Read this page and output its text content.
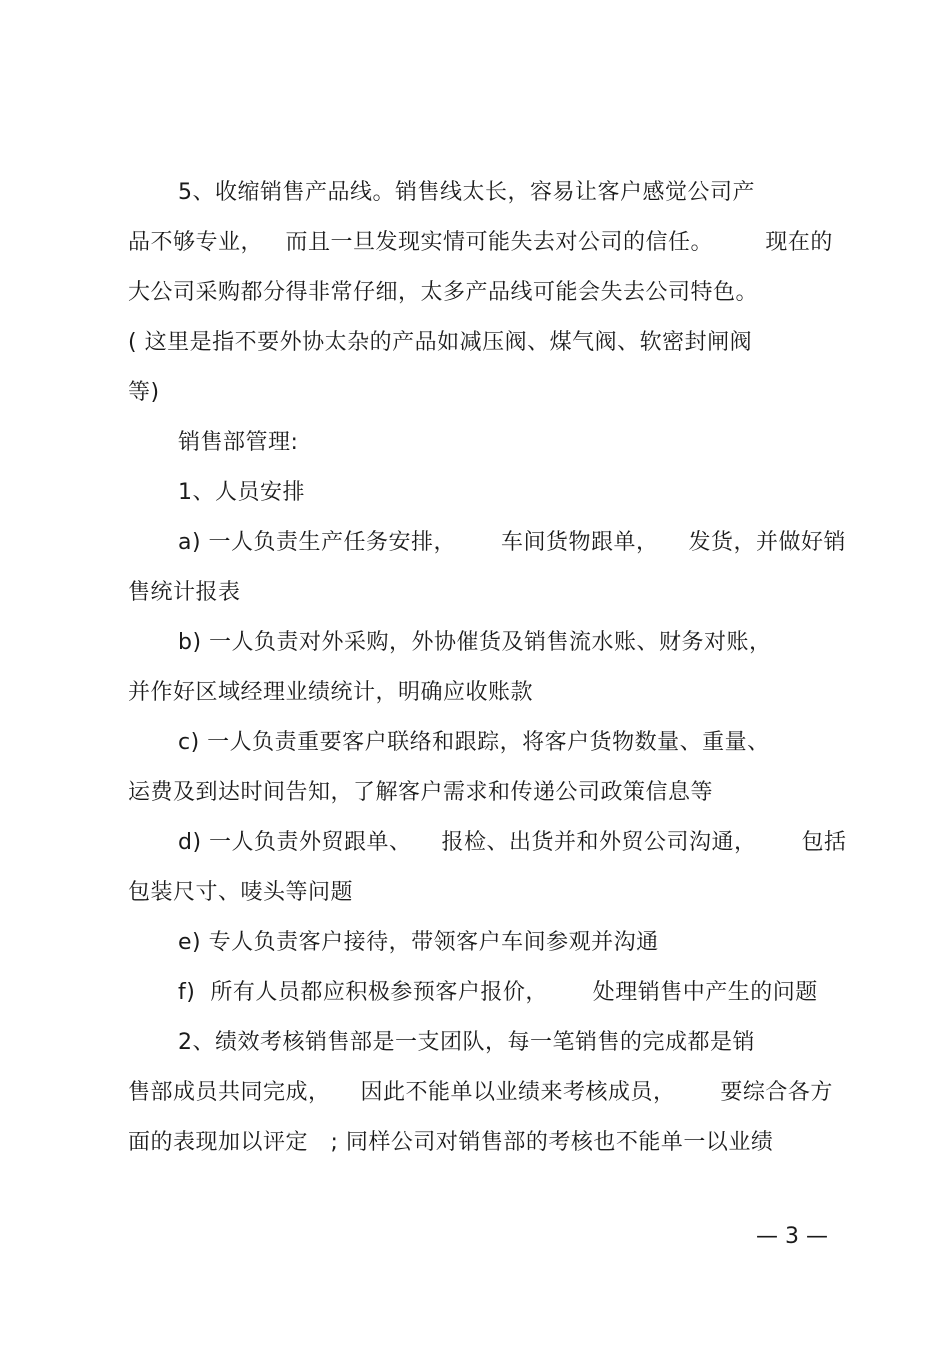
5、收缩销售产品线。销售线太长，容易让客户感觉公司产
品不够专业，   而且一旦发现实情可能失去对公司的信任。       现在的
大公司采购都分得非常仔细，太多产品线可能会失去公司特色。
( 这里是指不要外协太杂的产品如减压阀、煤气阀、软密封闸阀
等)
销售部管理:
1、人员安排
a) 一人负责生产任务安排，      车间货物跟单，    发货，并做好销
售统计报表
b) 一人负责对外采购，外协催货及销售流水账、财务对账，
并作好区域经理业绩统计，明确应收账款
c) 一人负责重要客户联络和跟踪，将客户货物数量、重量、
运费及到达时间告知，了解客户需求和传递公司政策信息等
d) 一人负责外贸跟单、    报检、出货并和外贸公司沟通，      包括
包装尺寸、唛头等问题
e) 专人负责客户接待，带领客户车间参观并沟通
f)  所有人员都应积极参预客户报价，      处理销售中产生的问题
2、绩效考核销售部是一支团队，每一笔销售的完成都是销
售部成员共同完成，    因此不能单以业绩来考核成员，      要综合各方
面的表现加以评定   ; 同样公司对销售部的考核也不能单一以业绩
— 3 —
